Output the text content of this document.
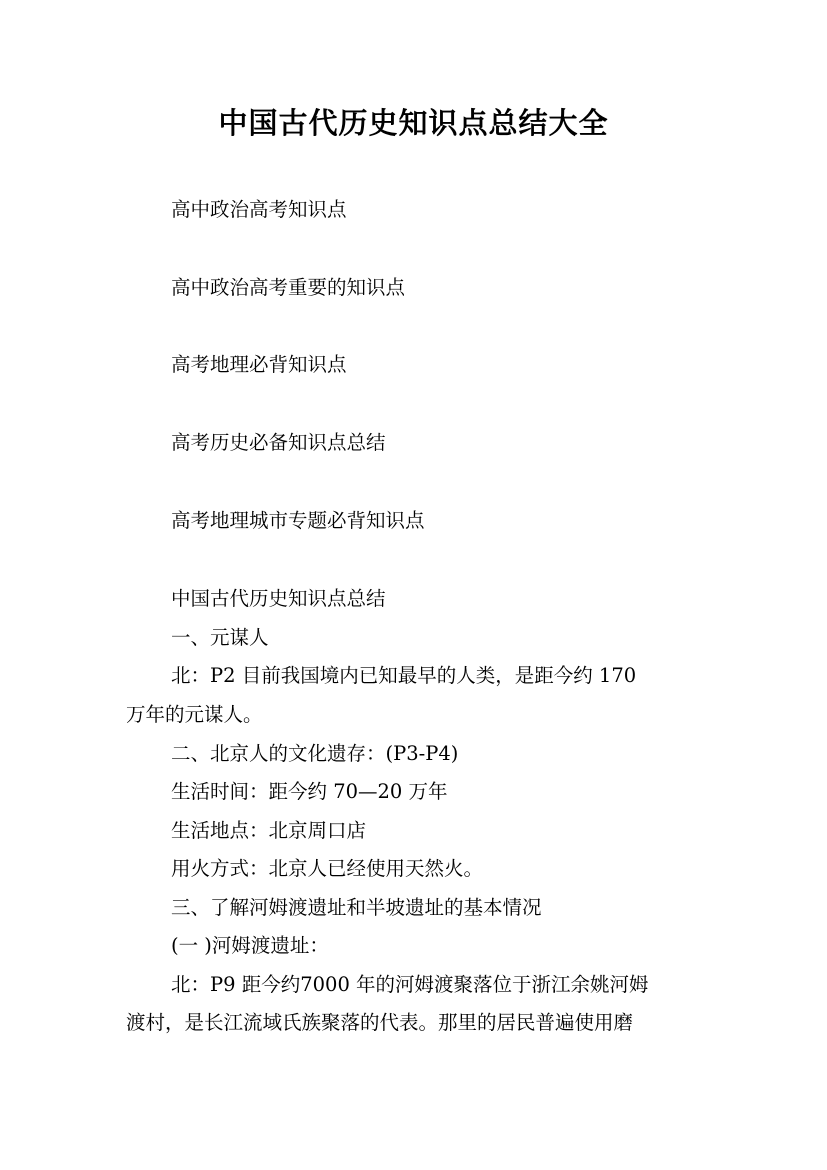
中国古代历史知识点总结大全
高中政治高考知识点
高中政治高考重要的知识点
高考地理必背知识点
高考历史必备知识点总结
高考地理城市专题必背知识点
中国古代历史知识点总结
一、元谋人
北：P2 目前我国境内已知最早的人类，是距今约 170
万年的元谋人。
二、北京人的文化遗存：(P3-P4)
生活时间：距今约 70—20 万年
生活地点：北京周口店
用火方式：北京人已经使用天然火。
三、了解河姆渡遗址和半坡遗址的基本情况
(一 )河姆渡遗址：
北：P9 距今约7000 年的河姆渡聚落位于浙江余姚河姆
渡村，是长江流域氏族聚落的代表。那里的居民普遍使用磨
